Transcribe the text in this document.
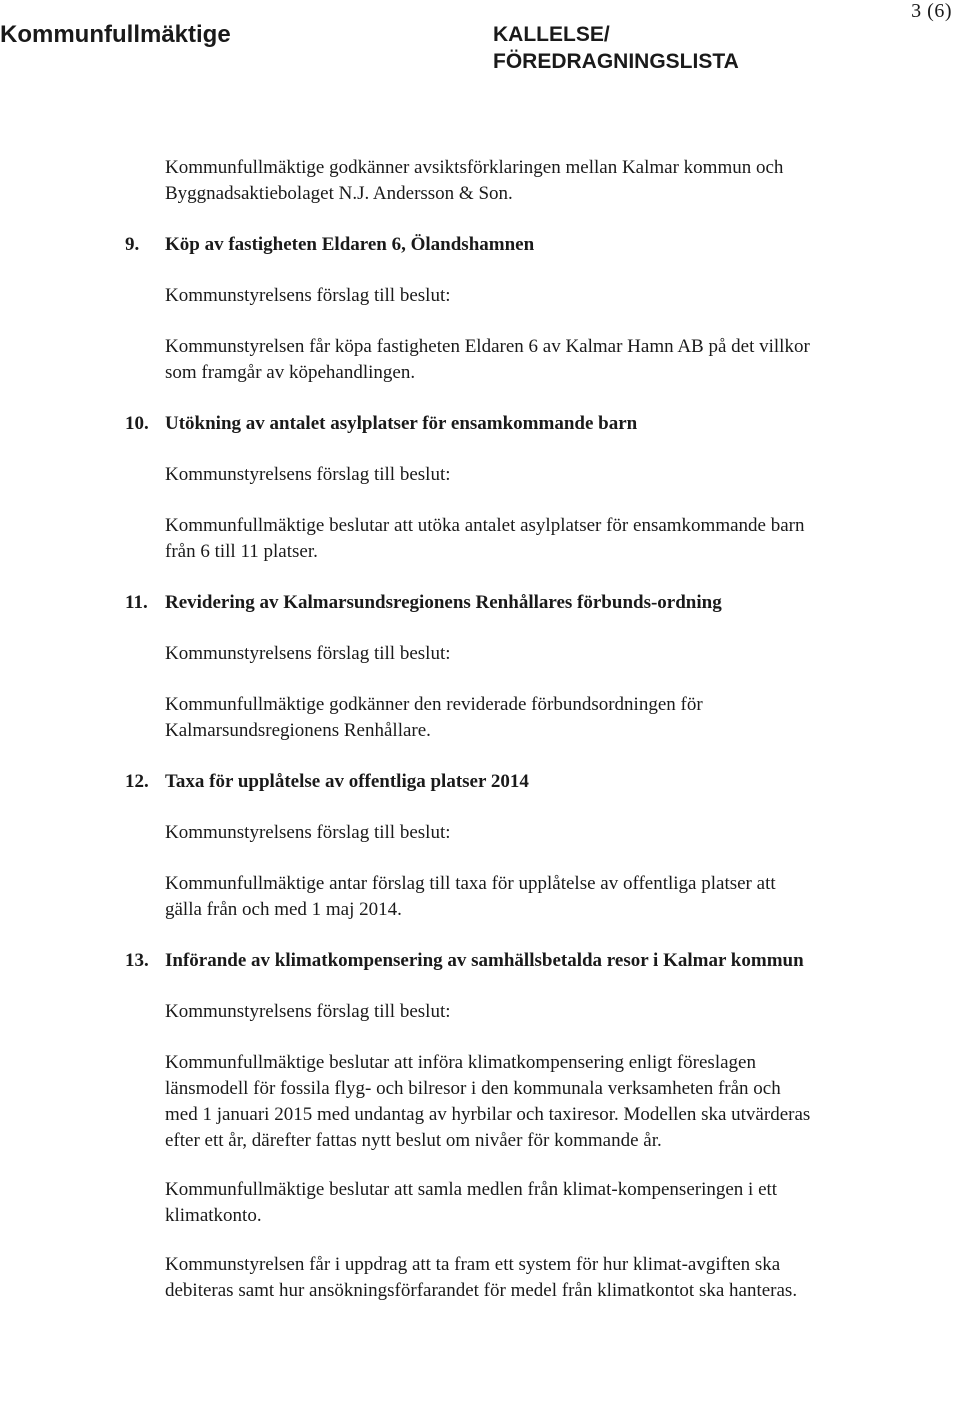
3 (6)
Kommunfullmäktige	KALLELSE/
FÖREDRAGNINGSLISTA

Kommunfullmäktige godkänner avsiktsförklaringen mellan Kalmar kommun och Byggnadsaktiebolaget N.J. Andersson & Son.

9.	Köp av fastigheten Eldaren 6, Ölandshamnen

Kommunstyrelsens förslag till beslut:

Kommunstyrelsen får köpa fastigheten Eldaren 6 av Kalmar Hamn AB på det villkor som framgår av köpehandlingen.

10. Utökning av antalet asylplatser för ensamkommande barn

Kommunstyrelsens förslag till beslut:

Kommunfullmäktige beslutar att utöka antalet asylplatser för ensamkommande barn från 6 till 11 platser.

11. Revidering av Kalmarsundsregionens Renhållares förbunds-ordning

Kommunstyrelsens förslag till beslut:

Kommunfullmäktige godkänner den reviderade förbundsordningen för Kalmarsundsregionens Renhållare.

12. Taxa för upplåtelse av offentliga platser 2014

Kommunstyrelsens förslag till beslut:

Kommunfullmäktige antar förslag till taxa för upplåtelse av offentliga platser att gälla från och med 1 maj 2014.

13. Införande av klimatkompensering av samhällsbetalda resor i Kalmar kommun

Kommunstyrelsens förslag till beslut:

Kommunfullmäktige beslutar att införa klimatkompensering enligt föreslagen länsmodell för fossila flyg- och bilresor i den kommunala verksamheten från och med 1 januari 2015 med undantag av hyrbilar och taxiresor. Modellen ska utvärderas efter ett år, därefter fattas nytt beslut om nivåer för kommande år.

Kommunfullmäktige beslutar att samla medlen från klimat-kompenseringen i ett klimatkonto.

Kommunstyrelsen får i uppdrag att ta fram ett system för hur klimat-avgiften ska debiteras samt hur ansökningsförfarandet för medel från klimatkontot ska hanteras.
